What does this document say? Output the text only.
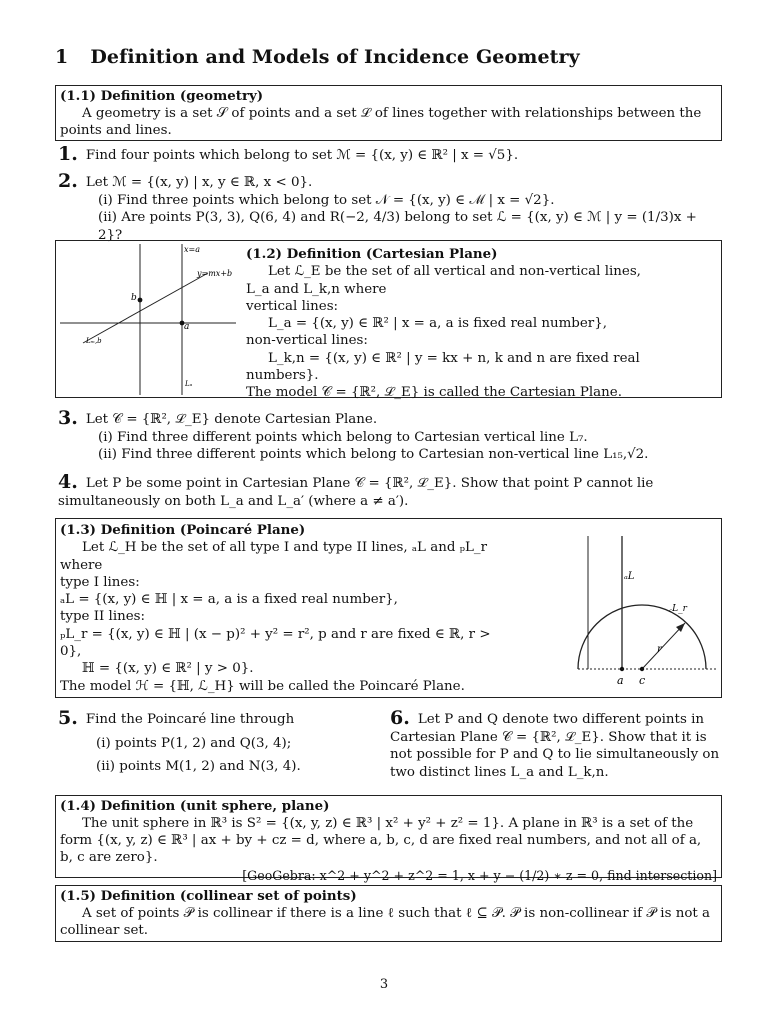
1 Definition and Models of Incidence Geometry
(1.1) Definition (geometry)
A geometry is a set 𝒮 of points and a set ℒ of lines together with relationships between the points and lines.
1. Find four points which belong to set ℳ = {(x, y) ∈ ℝ² | x = √5}.
2. Let ℳ = {(x, y) | x, y ∈ ℝ, x < 0}.
(i) Find three points which belong to set 𝒩 = {(x, y) ∈ ℳ | x = √2}.
(ii) Are points P(3, 3), Q(6, 4) and R(−2, 4/3) belong to set ℒ = {(x, y) ∈ ℳ | y = (1/3)x + 2}?
x=a
y=mx+b
b
a
Lₘ,b
Lₐ
(1.2) Definition (Cartesian Plane)
Let ℒ_E be the set of all vertical and non-vertical lines,
L_a and L_k,n where
vertical lines:
L_a = {(x, y) ∈ ℝ² | x = a, a is fixed real number},
non-vertical lines:
L_k,n = {(x, y) ∈ ℝ² | y = kx + n, k and n are fixed real numbers}.
The model 𝒞 = {ℝ², ℒ_E} is called the Cartesian Plane.
3. Let 𝒞 = {ℝ², ℒ_E} denote Cartesian Plane.
(i) Find three different points which belong to Cartesian vertical line L₇.
(ii) Find three different points which belong to Cartesian non-vertical line L₁₅,√2.
4. Let P be some point in Cartesian Plane 𝒞 = {ℝ², ℒ_E}. Show that point P cannot lie simultaneously on both L_a and L_a′ (where a ≠ a′).
(1.3) Definition (Poincaré Plane)
Let ℒ_H be the set of all type I and type II lines, ₐL and ₚL_r
where
type I lines:
ₐL = {(x, y) ∈ ℍ | x = a, a is a fixed real number},
type II lines:
ₚL_r = {(x, y) ∈ ℍ | (x − p)² + y² = r², p and r are fixed ∈ ℝ, r > 0},
ℍ = {(x, y) ∈ ℝ² | y > 0}.
The model ℋ = {ℍ, ℒ_H} will be called the Poincaré Plane.
ₐL
꜀L_r
r
a c
5. Find the Poincaré line through
(i) points P(1, 2) and Q(3, 4);
(ii) points M(1, 2) and N(3, 4).
6. Let P and Q denote two different points in Cartesian Plane 𝒞 = {ℝ², ℒ_E}. Show that it is not possible for P and Q to lie simultaneously on two distinct lines L_a and L_k,n.
(1.4) Definition (unit sphere, plane)
The unit sphere in ℝ³ is S² = {(x, y, z) ∈ ℝ³ | x² + y² + z² = 1}. A plane in ℝ³ is a set of the form {(x, y, z) ∈ ℝ³ | ax + by + cz = d, where a, b, c, d are fixed real numbers, and not all of a, b, c are zero}.
[GeoGebra: x^2 + y^2 + z^2 = 1, x + y − (1/2) ∗ z = 0, find intersection]
(1.5) Definition (collinear set of points)
A set of points 𝒫 is collinear if there is a line ℓ such that ℓ ⊆ 𝒫. 𝒫 is non-collinear if 𝒫 is not a collinear set.
3
